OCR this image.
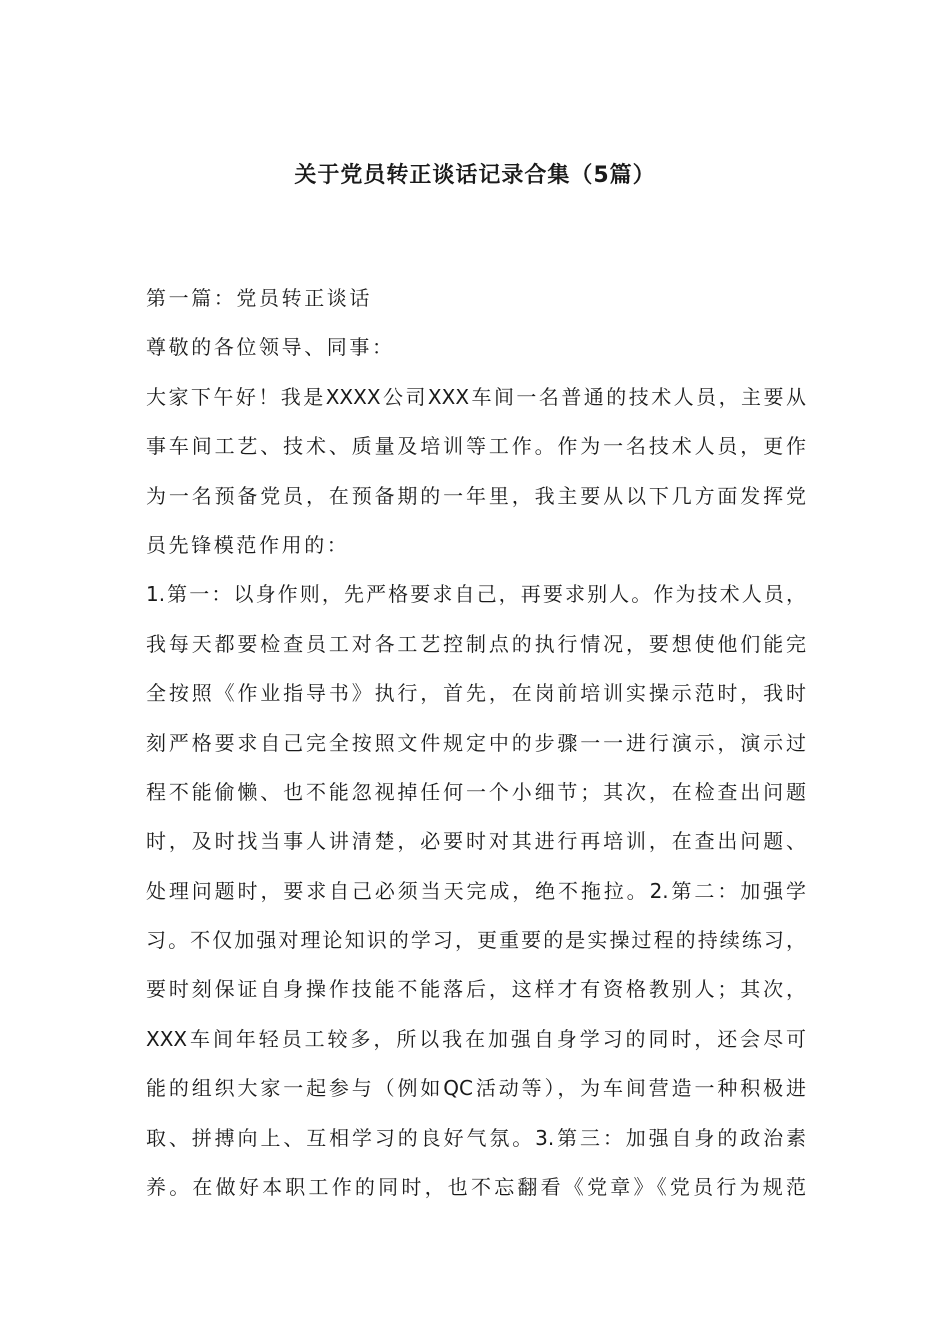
关于党员转正谈话记录合集（5篇）
第一篇：党员转正谈话
尊敬的各位领导、同事：
大家下午好！我是XXXX公司XXX车间一名普通的技术人员，主要从
事车间工艺、技术、质量及培训等工作。作为一名技术人员，更作
为一名预备党员，在预备期的一年里，我主要从以下几方面发挥党
员先锋模范作用的：
1.第一：以身作则，先严格要求自己，再要求别人。作为技术人员，
我每天都要检查员工对各工艺控制点的执行情况，要想使他们能完
全按照《作业指导书》执行，首先，在岗前培训实操示范时，我时
刻严格要求自己完全按照文件规定中的步骤一一进行演示，演示过
程不能偷懒、也不能忽视掉任何一个小细节；其次，在检查出问题
时，及时找当事人讲清楚，必要时对其进行再培训，在查出问题、
处理问题时，要求自己必须当天完成，绝不拖拉。2.第二：加强学
习。不仅加强对理论知识的学习，更重要的是实操过程的持续练习，
要时刻保证自身操作技能不能落后，这样才有资格教别人；其次，
XXX车间年轻员工较多，所以我在加强自身学习的同时，还会尽可
能的组织大家一起参与（例如QC活动等），为车间营造一种积极进
取、拼搏向上、互相学习的良好气氛。3.第三：加强自身的政治素
养。在做好本职工作的同时，也不忘翻看《党章》《党员行为规范
